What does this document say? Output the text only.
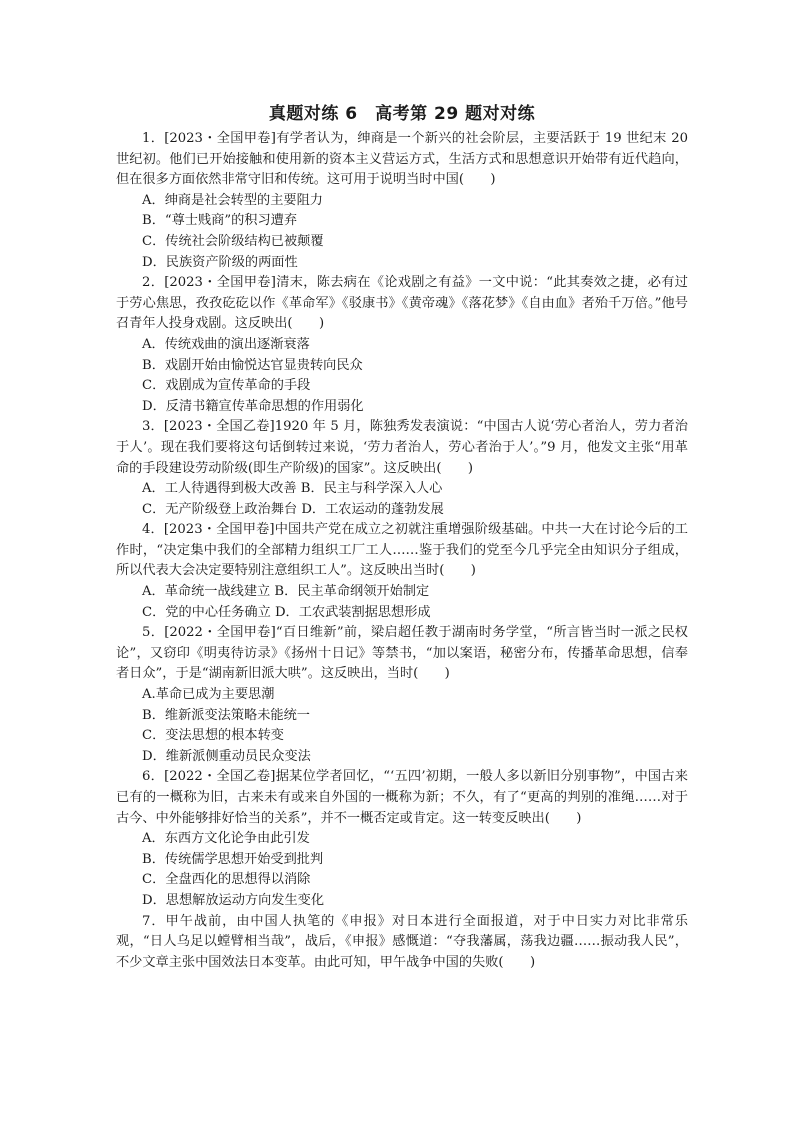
真题对练 6　高考第 29 题对对练

1．[2023・全国甲卷]有学者认为，绅商是一个新兴的社会阶层，主要活跃于 19 世纪末 20 世纪初。他们已开始接触和使用新的资本主义营运方式，生活方式和思想意识开始带有近代趋向，但在很多方面依然非常守旧和传统。这可用于说明当时中国(　　)

A．绅商是社会转型的主要阻力
B．“尊士贱商”的积习遭弃
C．传统社会阶级结构已被颠覆
D．民族资产阶级的两面性

2．[2023・全国甲卷]清末，陈去病在《论戏剧之有益》一文中说：“此其奏效之捷，必有过于劳心焦思，孜孜矻矻以作《革命军》《驳康书》《黄帝魂》《落花梦》《自由血》者殆千万倍。”他号召青年人投身戏剧。这反映出(　　)

A．传统戏曲的演出逐渐衰落
B．戏剧开始由愉悦达官显贵转向民众
C．戏剧成为宣传革命的手段
D．反清书籍宣传革命思想的作用弱化

3．[2023・全国乙卷]1920 年 5 月，陈独秀发表演说：“中国古人说‘劳心者治人，劳力者治于人’。现在我们要将这句话倒转过来说，‘劳力者治人，劳心者治于人’。”9 月，他发文主张“用革命的手段建设劳动阶级(即生产阶级)的国家”。这反映出(　　)

A．工人待遇得到极大改善 B．民主与科学深入人心
C．无产阶级登上政治舞台 D．工农运动的蓬勃发展

4．[2023・全国甲卷]中国共产党在成立之初就注重增强阶级基础。中共一大在讨论今后的工作时，“决定集中我们的全部精力组织工厂工人……鉴于我们的党至今几乎完全由知识分子组成，所以代表大会决定要特别注意组织工人”。这反映出当时(　　)

A．革命统一战线建立 B．民主革命纲领开始制定
C．党的中心任务确立 D．工农武装割据思想形成

5．[2022・全国甲卷]“百日维新”前，梁启超任教于湖南时务学堂，“所言皆当时一派之民权论”，又窃印《明夷待访录》《扬州十日记》等禁书，“加以案语，秘密分布，传播革命思想，信奉者日众”，于是“湖南新旧派大哄”。这反映出，当时(　　)

A.革命已成为主要思潮
B．维新派变法策略未能统一
C．变法思想的根本转变
D．维新派侧重动员民众变法

6．[2022・全国乙卷]据某位学者回忆，“‘五四’初期，一般人多以新旧分别事物”，中国古来已有的一概称为旧，古来未有或来自外国的一概称为新；不久，有了“更高的判别的准绳……对于古今、中外能够排好恰当的关系”，并不一概否定或肯定。这一转变反映出(　　)

A．东西方文化论争由此引发
B．传统儒学思想开始受到批判
C．全盘西化的思想得以消除
D．思想解放运动方向发生变化

7．甲午战前，由中国人执笔的《申报》对日本进行全面报道，对于中日实力对比非常乐观，“日人乌足以螳臂相当哉”，战后，《申报》感慨道：“夺我藩属，荡我边疆……振动我人民”，不少文章主张中国效法日本变革。由此可知，甲午战争中国的失败(　　)
